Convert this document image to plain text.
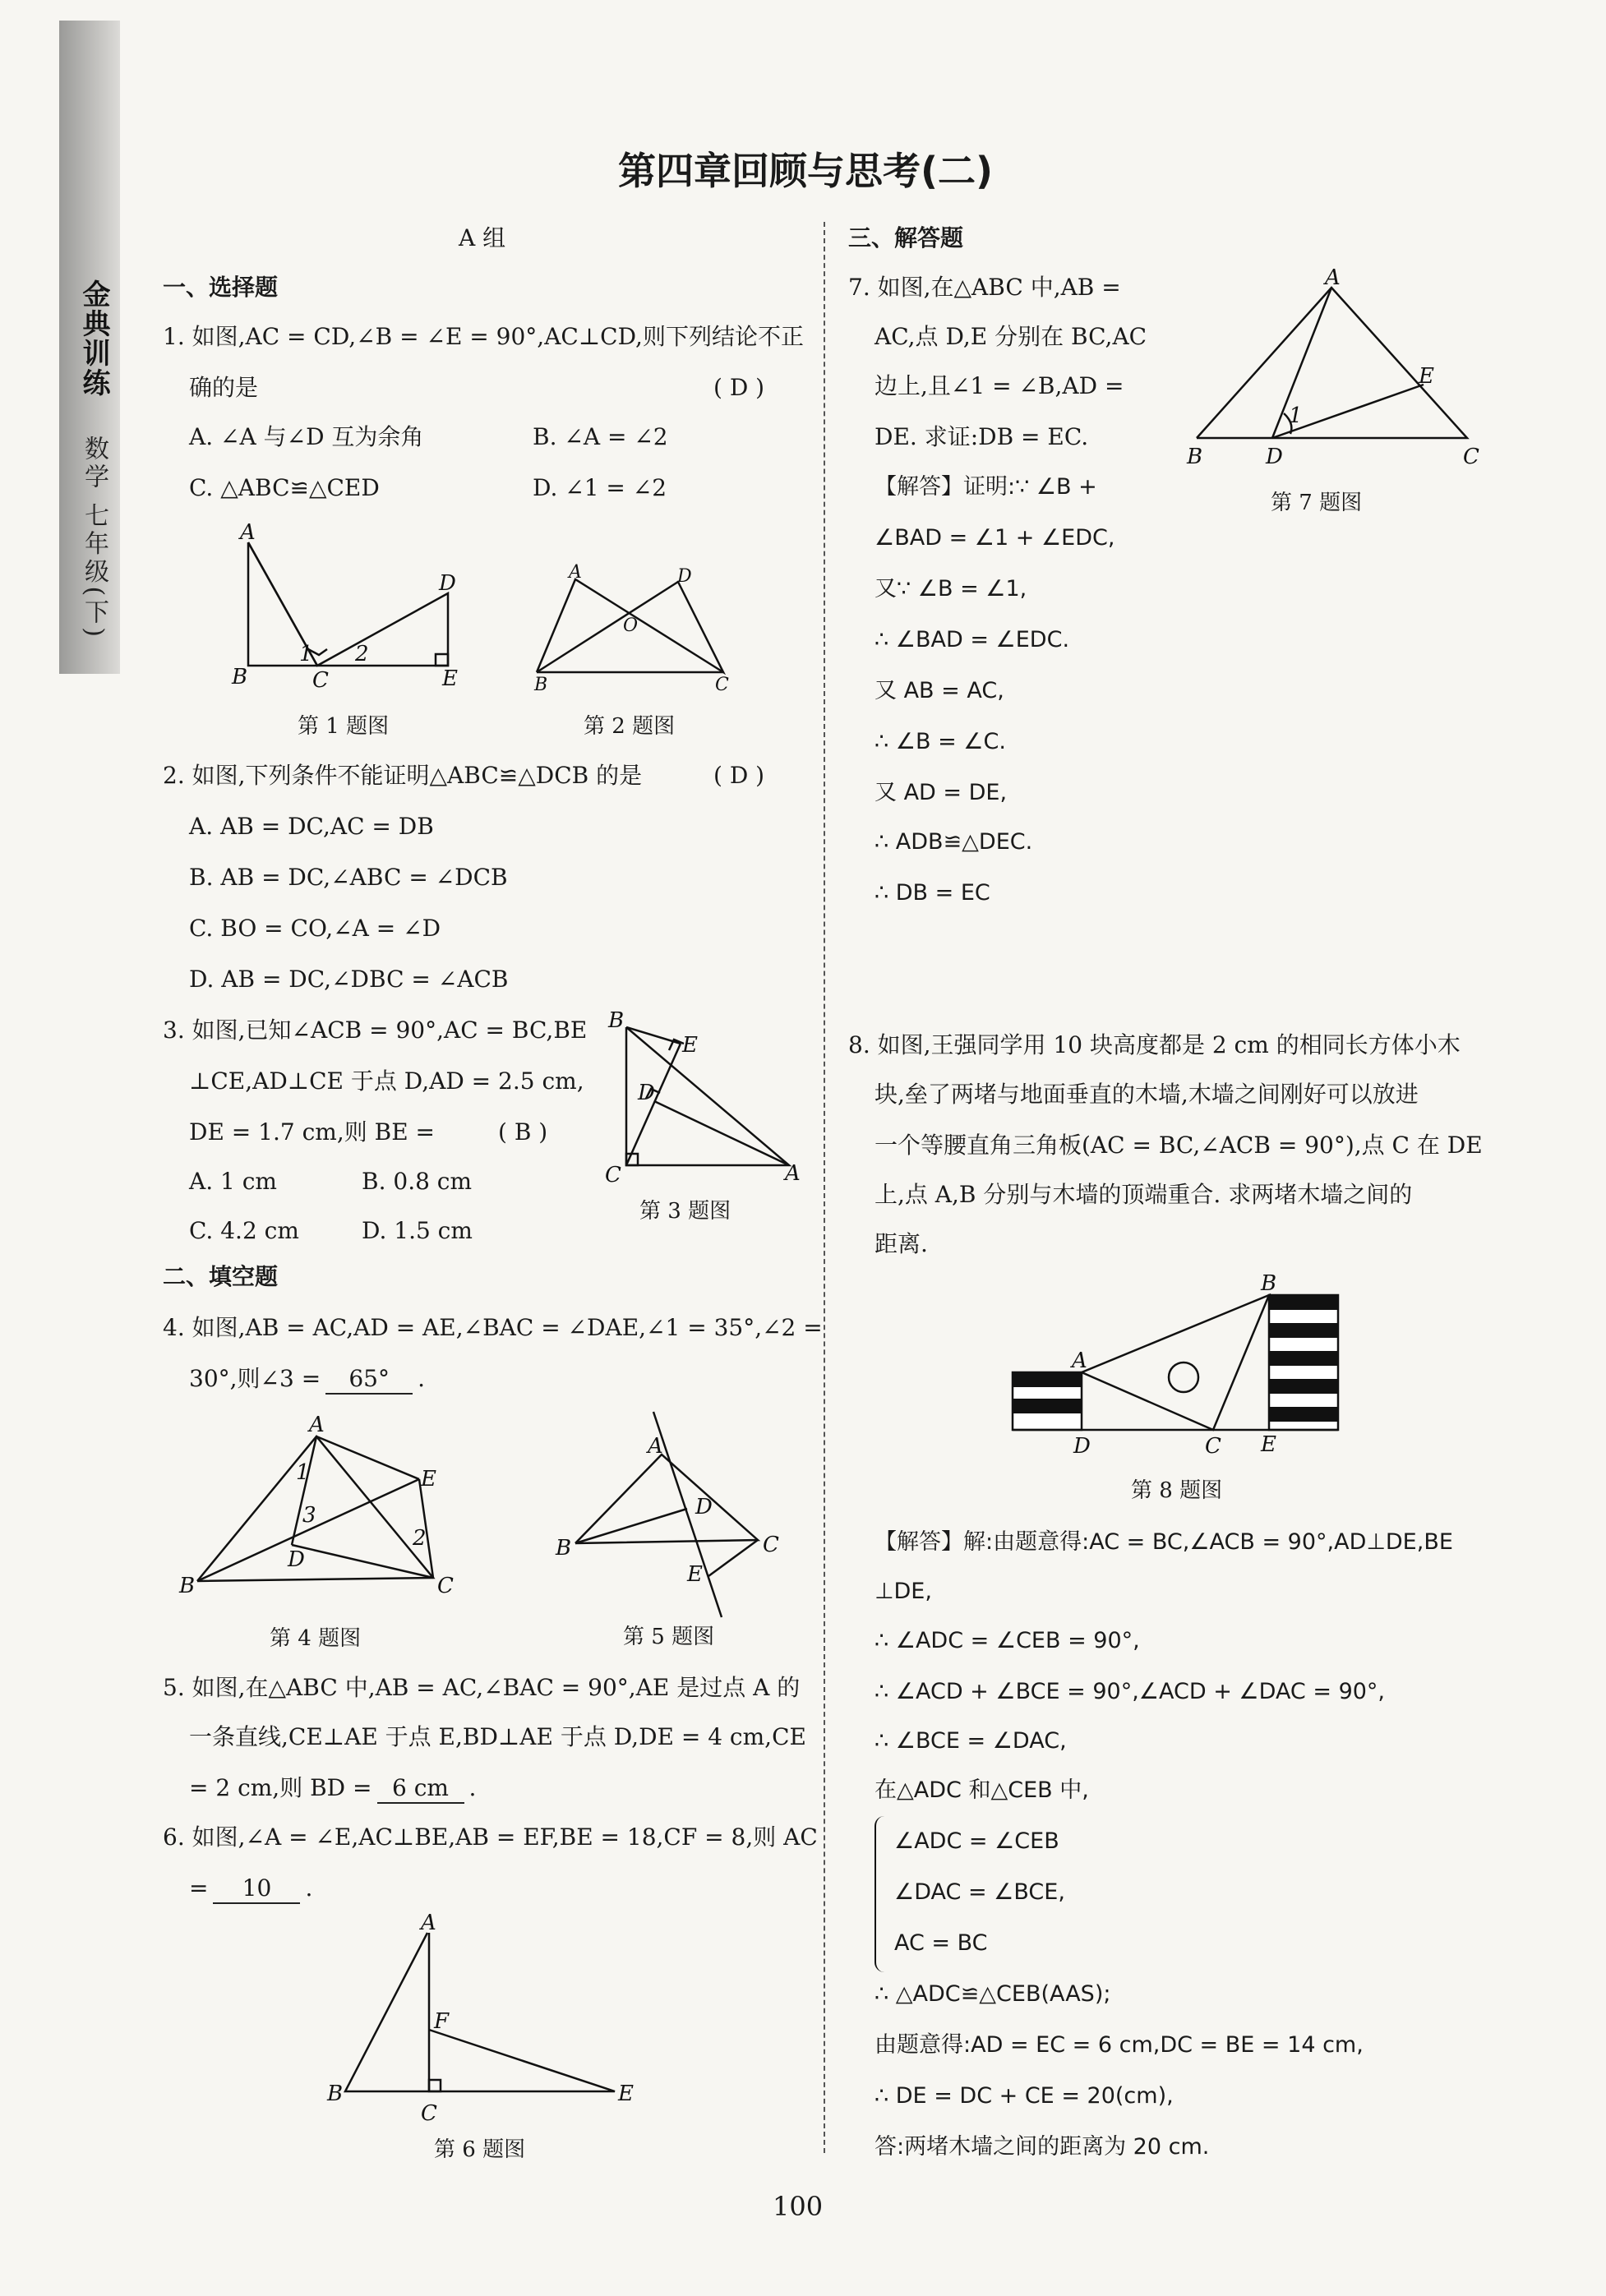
金典训练
数学 七年级(下)
第四章回顾与思考(二)
A 组
一、选择题
1. 如图,AC = CD,∠B = ∠E = 90°,AC⊥CD,则下列结论不正
确的是	( D )
A. ∠A 与∠D 互为余角	B. ∠A = ∠2
C. △ABC≌△CED	D. ∠1 = ∠2
A
B	C
D
E
1 2
A	D
B	C
O
第 1 题图	第 2 题图
2. 如图,下列条件不能证明△ABC≌△DCB 的是	( D )
A. AB = DC,AC = DB
B. AB = DC,∠ABC = ∠DCB
C. BO = CO,∠A = ∠D
D. AB = DC,∠DBC = ∠ACB
3. 如图,已知∠ACB = 90°,AC = BC,BE
⊥CE,AD⊥CE 于点 D,AD = 2.5 cm,
DE = 1.7 cm,则 BE =	( B )
A. 1 cm	B. 0.8 cm
C. 4.2 cm	D. 1.5 cm
B
E
D
C	A
第 3 题图
二、填空题
4. 如图,AB = AC,AD = AE,∠BAC = ∠DAE,∠1 = 35°,∠2 =
30°,则∠3 = 65° .
A
E
D
B	C
1
3
2
A
D
B	C
E
第 4 题图	第 5 题图
5. 如图,在△ABC 中,AB = AC,∠BAC = 90°,AE 是过点 A 的
一条直线,CE⊥AE 于点 E,BD⊥AE 于点 D,DE = 4 cm,CE
= 2 cm,则 BD = 6 cm .
6. 如图,∠A = ∠E,AC⊥BE,AB = EF,BE = 18,CF = 8,则 AC
= 10 .
A
F
B
C
E
第 6 题图
三、解答题
7. 如图,在△ABC 中,AB =
AC,点 D,E 分别在 BC,AC
边上,且∠1 = ∠B,AD =
DE. 求证:DB = EC.
【解答】证明:∵ ∠B +
∠BAD = ∠1 + ∠EDC,
又∵ ∠B = ∠1,
∴ ∠BAD = ∠EDC.
又 AB = AC,
∴ ∠B = ∠C.
又 AD = DE,
∴ ADB≌△DEC.
∴ DB = EC
A
E
B	D	C
1
第 7 题图
8. 如图,王强同学用 10 块高度都是 2 cm 的相同长方体小木
块,垒了两堵与地面垂直的木墙,木墙之间刚好可以放进
一个等腰直角三角板(AC = BC,∠ACB = 90°),点 C 在 DE
上,点 A,B 分别与木墙的顶端重合. 求两堵木墙之间的
距离.
A
B
D	C E
第 8 题图
【解答】解:由题意得:AC = BC,∠ACB = 90°,AD⊥DE,BE
⊥DE,
∴ ∠ADC = ∠CEB = 90°,
∴ ∠ACD + ∠BCE = 90°,∠ACD + ∠DAC = 90°,
∴ ∠BCE = ∠DAC,
在△ADC 和△CEB 中,
∠ADC = ∠CEB
∠DAC = ∠BCE,
AC = BC
∴ △ADC≌△CEB(AAS);
由题意得:AD = EC = 6 cm,DC = BE = 14 cm,
∴ DE = DC + CE = 20(cm),
答:两堵木墙之间的距离为 20 cm.
100
